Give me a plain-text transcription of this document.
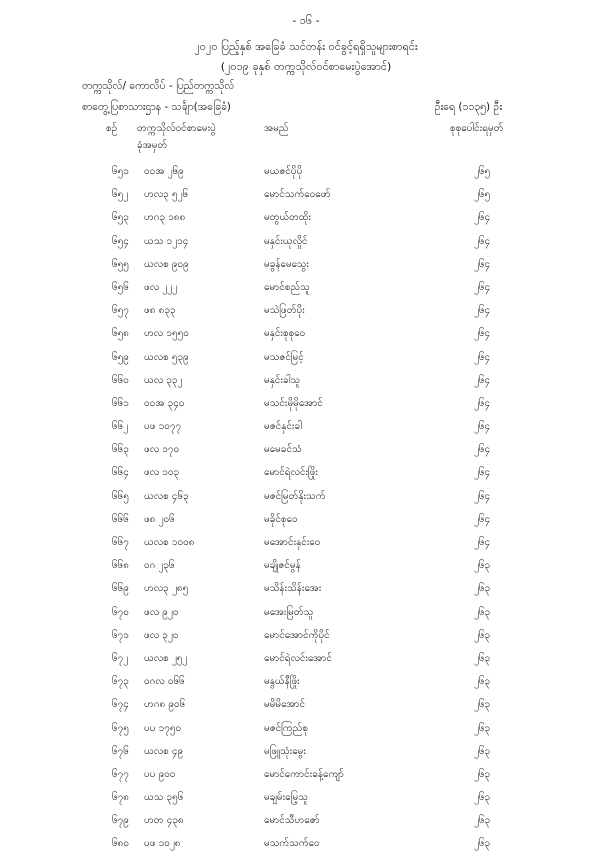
- ၁၆ -
၂၀၂၀ ပြည့်နှစ် အခြေခံ သင်တန်း ဝင်ခွင့်ရရှိသူများစာရင်း
(၂၀၁၉ ခုနှစ် တက္ကသိုလ်ဝင်စာမေးပွဲအောင်)
တက္ကသိုလ်/ ကောလိပ် - ပြည်တက္ကသိုလ်
စာတွေ့ပြစာသားဌာန - သင်္ချာ(အခြေခံ)	ဦးရေ (၁၁၃၅) ဦး
စဉ် တက္ကသိုလ်ဝင်စာမေးပွဲ	အမည်	စုစုပေါင်းရမှတ်
ခုံအမှတ်
၆၅၁ ဝဝအ ၂၆၉	မယဇင်ပိုပို	၂၆၅
၆၅၂ ဟလ၃ ၅၂၆	မောင်သက်ဝေဖော်	၂၆၅
၆၅၃ ဟဂ၃ ၁၈၈	မတွယ်တထိုး	၂၆၄
၆၅၄ ယသ ၁၂၁၄	မနှင်းယုလှိုင်	၂၆၄
၆၅၅ ယလစ ၉၀၉	မခွန်မေသွေး	၂၆၄
၆၅၆ ဖလ ၂၂၂	မောင်စည်သူ	၂၆၄
၆၅၇ ဖ၈ ၈၃၃	မသဲဖြတ်ပိုး	၂၆၄
၆၅၈ ဟလ ၁၅၅၀	မနှင်းစုစုဝေ	၂၆၄
၆၅၉ ယလစ ၅၃၉	မသဇင်မြင့်	၂၆၄
၆၆၀ ယလ ၃၃၂	မနှင်းခါသူ	၂၆၄
၆၆၁ ဝဝအ ၃၄၀	မသင်းမိုမိုအောင်	၂၆၄
၆၆၂ ပဖ ၁၀၇၇	မဇင်နှင်းခါ	၂၆၄
၆၆၃ ဖလ ၁၇၀	မမေခင်သံ	၂၆၄
၆၆၄ ဖလ ၁၀၃	မောင်ရဲလင်းဖြိုး	၂၆၄
၆၆၅ ယလစ ၄၆၃	မဇင်မြတ်နိုးသက်	၂၆၄
၆၆၆ ဖ၈ ၂၀၆	မခိုင်စုဝေ	၂၆၄
၆၆၇ ယလစ ၁၀၀၈	မအောင်းနှင်းဝေ	၂၆၄
၆၆၈ ဝဂ ၂၃၆	မချိုဇင်မွန်	၂၆၃
၆၆၉ ဟလ၃ ၂၈၅	မသိန်းသိန်းအေး	၂၆၃
၆၇၀ ဖလ ၉၂၀	မအေးမြတ်သူ	၂၆၃
၆၇၁ ဖလ ၃၂၀	မောင်အောင်ကိုပိုင်	၂၆၃
၆၇၂ ယလစ ၂၅၂	မောင်ရဲလင်းအောင်	၂၆၃
၆၇၃ ဝဂလ ၀၆၆	မနွယ်နီဖြိုး	၂၆၃
၆၇၄ ဟဂ၈ ၉၀၆	မမိမိအောင်	၂၆၃
၆၇၅ ပပ ၁၇၅၀	မဇင်ကြည်စု	၂၆၃
၆၇၆ ယလစ ၄၉	မဖြူသုံးမွေး	၂၆၃
၆၇၇ ပပ ၉၀၀	မောင်ကောင်းခန့်ကျော်	၂၆၃
၆၇၈ ယသ ၃၅၆	မချမ်းမြေ့သူ	၂၆၃
၆၇၉ ဟတ ၄၃၈	မောင်သီဟဇော်	၂၆၃
၆၈၀ ပဖ ၁၀၂၈	မသက်သက်ဝေ	၂၆၃
